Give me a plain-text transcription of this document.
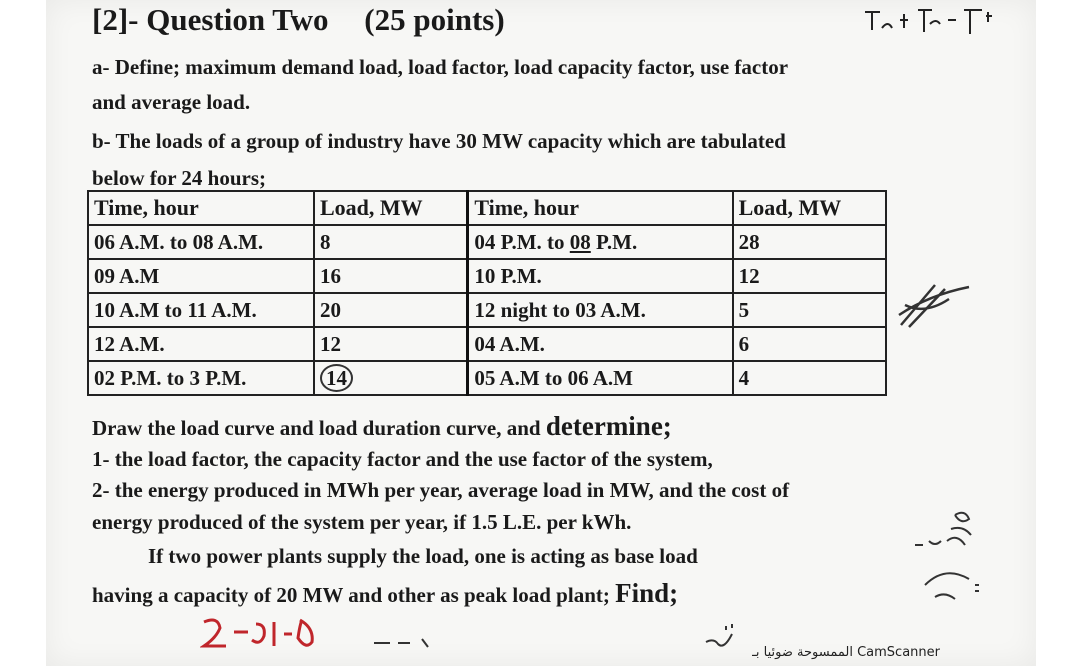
[2]- Question Two (25 points)
a- Define; maximum demand load, load factor, load capacity factor, use factor
and average load.
b- The loads of a group of industry have 30 MW capacity which are tabulated
below for 24 hours;
Time, hour	Load, MW	Time, hour	Load, MW
06 A.M. to 08 A.M.	8	04 P.M. to 08 P.M.	28
09 A.M	16	10 P.M.	12
10 A.M to 11 A.M.	20	12 night to 03 A.M.	5
12 A.M.	12	04 A.M.	6
02 P.M. to 3 P.M.	14	05 A.M to 06 A.M	4
Draw the load curve and load duration curve, and determine;
1- the load factor, the capacity factor and the use factor of the system,
2- the energy produced in MWh per year, average load in MW, and the cost of
energy produced of the system per year, if 1.5 L.E. per kWh.
If two power plants supply the load, one is acting as base load
having a capacity of 20 MW and other as peak load plant; Find;
الممسوحة ضوئيا بـ CamScanner
